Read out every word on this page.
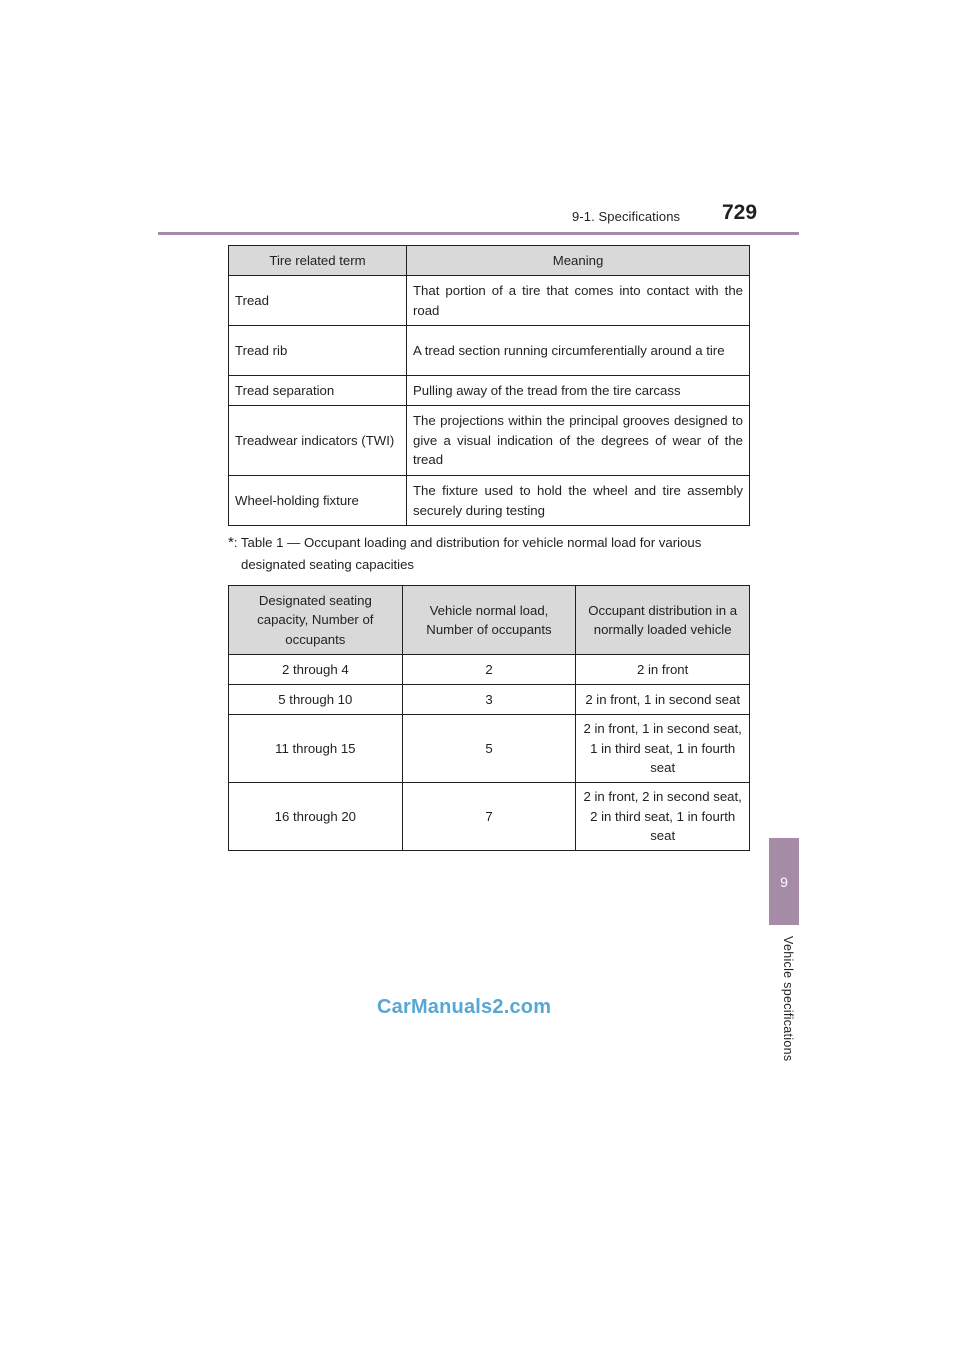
9-1. Specifications 729
9
Vehicle specifications
Tire related term	Meaning
Tread	That portion of a tire that comes into contact with the road
Tread rib	A tread section running circumferentially around a tire
Tread separation	Pulling away of the tread from the tire carcass
Treadwear indicators (TWI)	The projections within the principal grooves designed to give a visual indication of the degrees of wear of the tread
Wheel-holding fixture	The fixture used to hold the wheel and tire assembly securely during testing
*: Table 1 — Occupant loading and distribution for vehicle normal load for various
designated seating capacities
Designated seating capacity, Number of occupants	Vehicle normal load, Number of occupants	Occupant distribution in a normally loaded vehicle
2 through 4	2	2 in front
5 through 10	3	2 in front, 1 in second seat
11 through 15	5	2 in front, 1 in second seat, 1 in third seat, 1 in fourth seat
16 through 20	7	2 in front, 2 in second seat, 2 in third seat, 1 in fourth seat
CarManuals2.com
